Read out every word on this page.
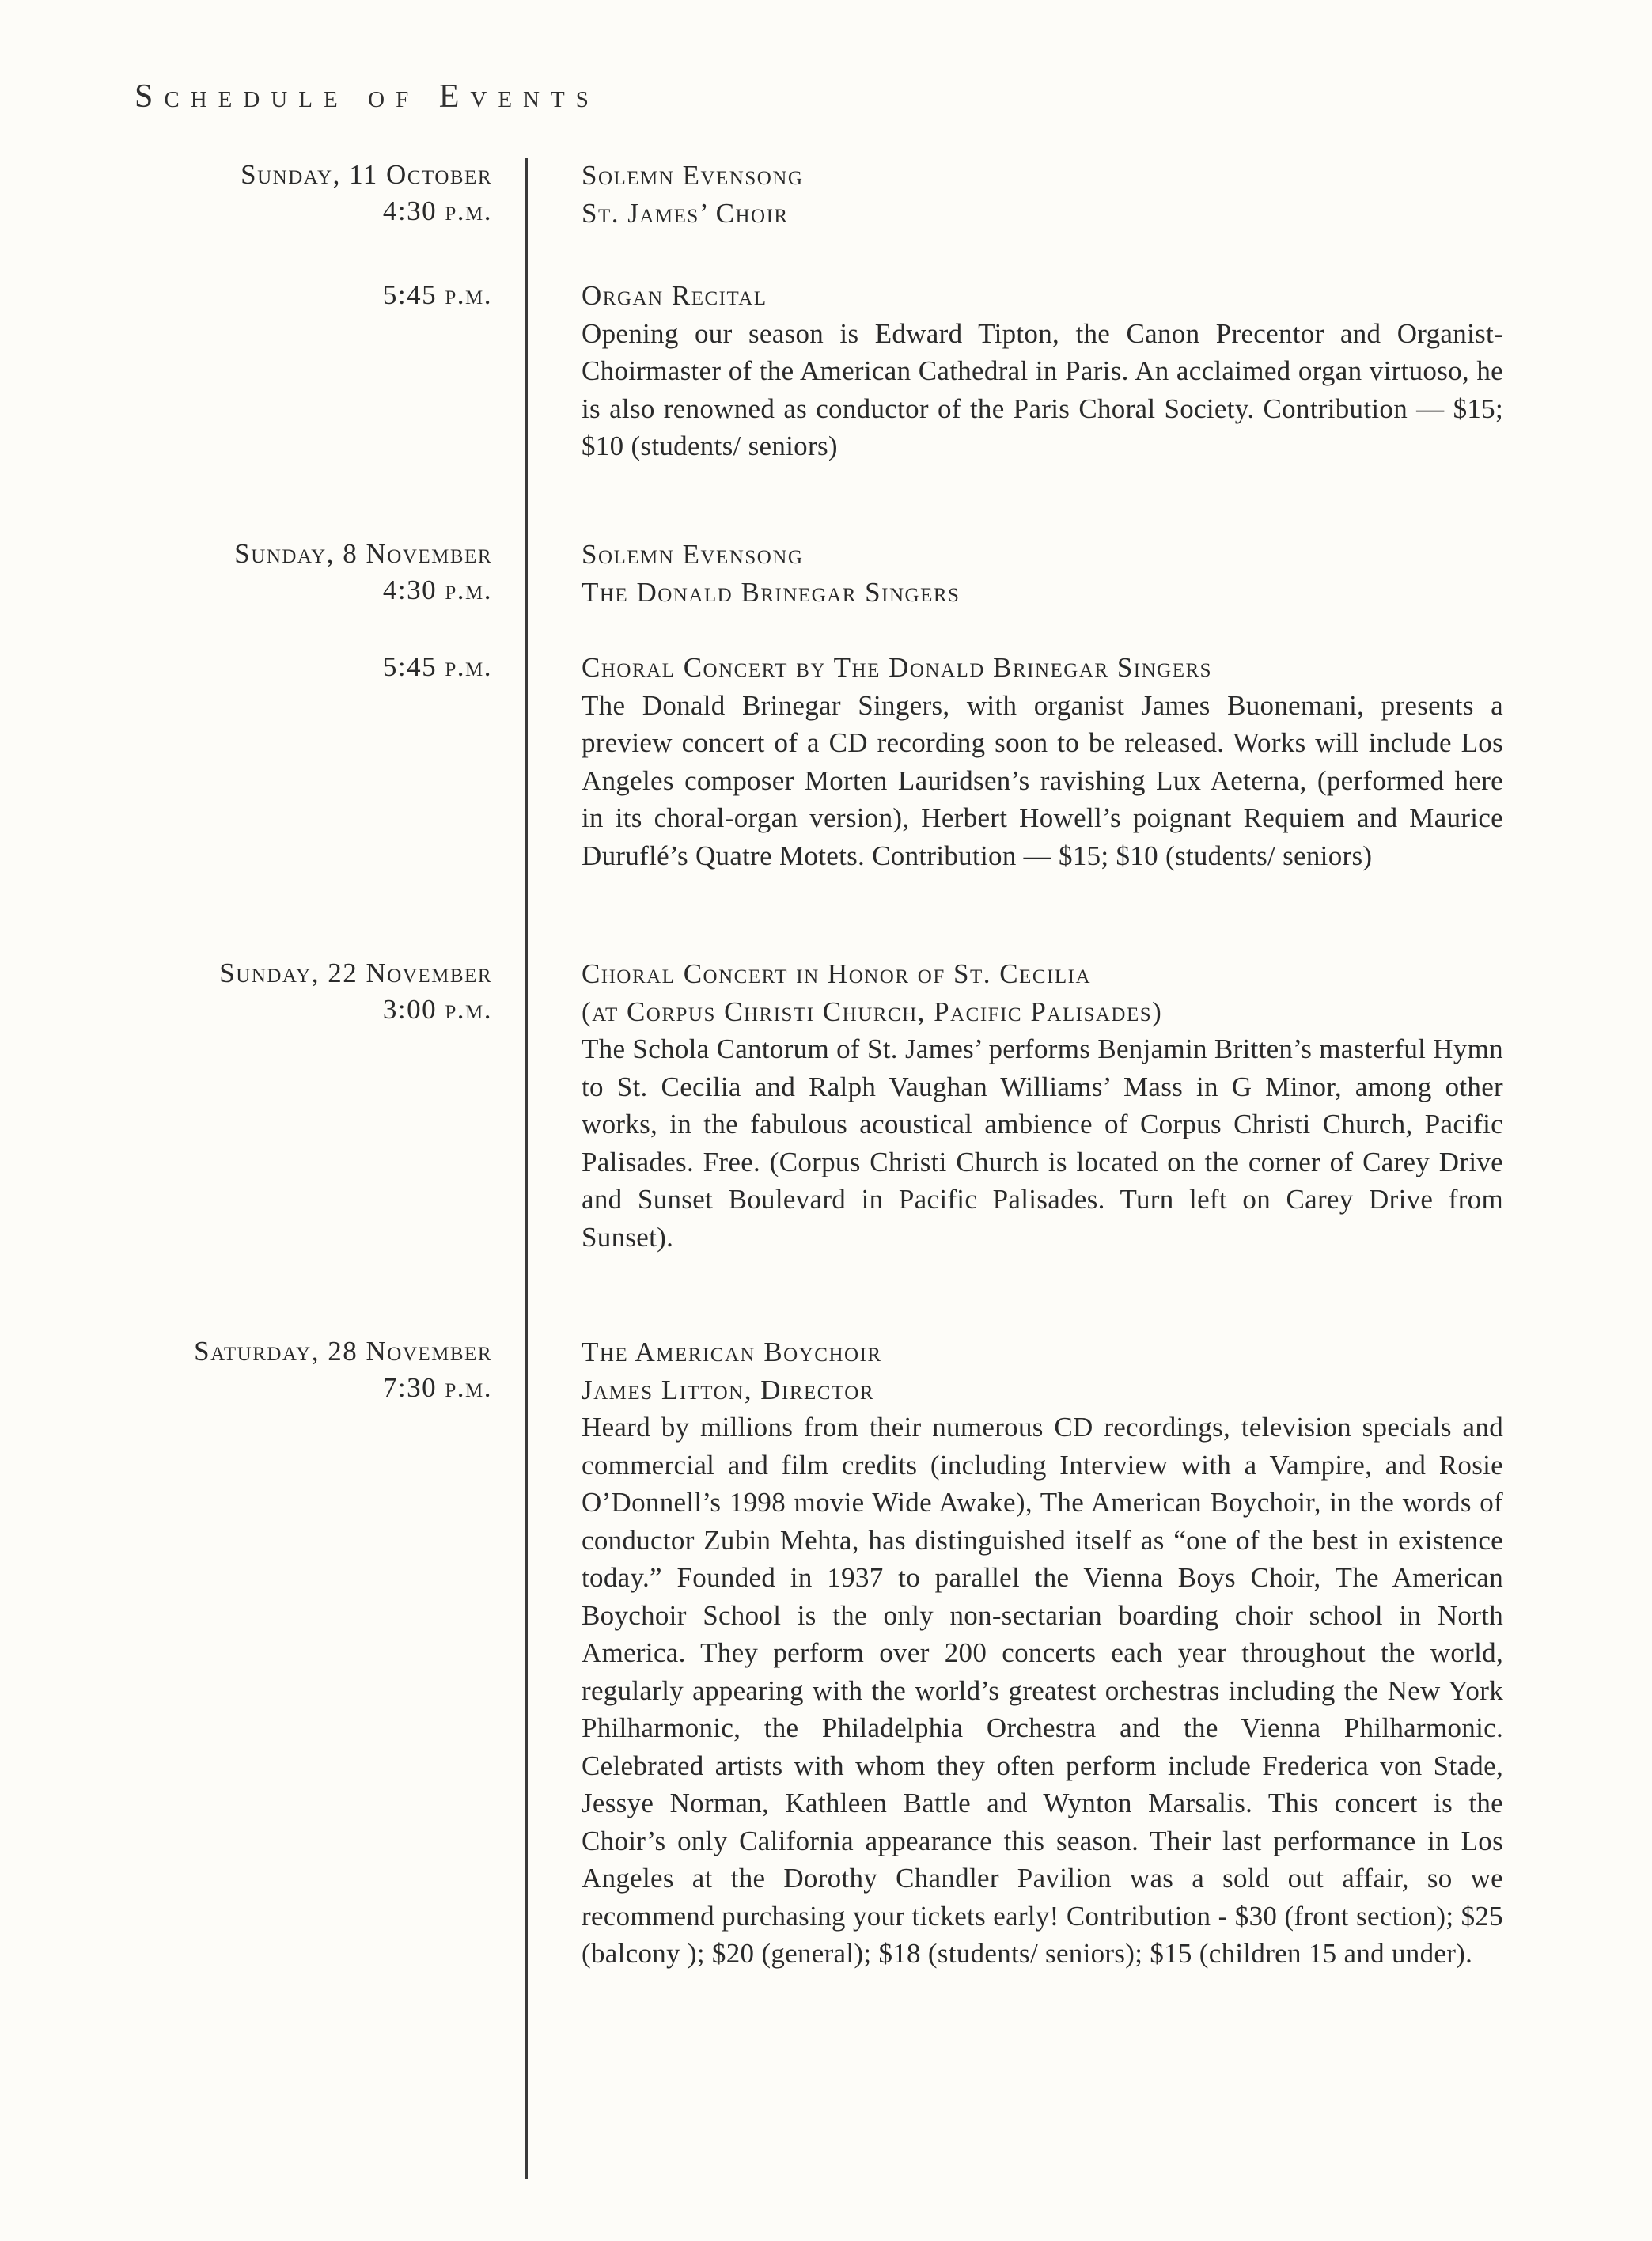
Schedule of Events
Sunday, 11 October
4:30 p.m.
Solemn Evensong
St. James’ Choir
5:45 p.m.	Organ Recital
Opening our season is Edward Tipton, the Canon Precentor and Organist-Choirmaster of the American Cathedral in Paris. An acclaimed organ virtuoso, he is also renowned as conductor of the Paris Choral Society. Contribution — $15; $10 (students/ seniors)
Sunday, 8 November
4:30 p.m.
Solemn Evensong
The Donald Brinegar Singers
5:45 p.m.	Choral Concert by The Donald Brinegar Singers
The Donald Brinegar Singers, with organist James Buonemani, presents a preview concert of a CD recording soon to be released. Works will include Los Angeles composer Morten Lauridsen’s ravishing Lux Aeterna, (performed here in its choral-organ version), Herbert Howell’s poignant Requiem and Maurice Duruflé’s Quatre Motets. Contribution — $15; $10 (students/ seniors)
Sunday, 22 November
3:00 p.m.
Choral Concert in Honor of St. Cecilia
(at Corpus Christi Church, Pacific Palisades)
The Schola Cantorum of St. James’ performs Benjamin Britten’s masterful Hymn to St. Cecilia and Ralph Vaughan Williams’ Mass in G Minor, among other works, in the fabulous acoustical ambience of Corpus Christi Church, Pacific Palisades. Free. (Corpus Christi Church is located on the corner of Carey Drive and Sunset Boulevard in Pacific Palisades. Turn left on Carey Drive from Sunset).
Saturday, 28 November
7:30 p.m.
The American Boychoir
James Litton, Director
Heard by millions from their numerous CD recordings, television specials and commercial and film credits (including Interview with a Vampire, and Rosie O’Donnell’s 1998 movie Wide Awake), The American Boychoir, in the words of conductor Zubin Mehta, has distinguished itself as “one of the best in existence today.” Founded in 1937 to parallel the Vienna Boys Choir, The American Boychoir School is the only non-sectarian boarding choir school in North America. They perform over 200 concerts each year throughout the world, regularly appearing with the world’s greatest orchestras including the New York Philharmonic, the Philadelphia Orchestra and the Vienna Philharmonic. Celebrated artists with whom they often perform include Frederica von Stade, Jessye Norman, Kathleen Battle and Wynton Marsalis. This concert is the Choir’s only California appearance this season. Their last performance in Los Angeles at the Dorothy Chandler Pavilion was a sold out affair, so we recommend purchasing your tickets early! Contribution - $30 (front section); $25 (balcony ); $20 (general); $18 (students/ seniors); $15 (children 15 and under).
